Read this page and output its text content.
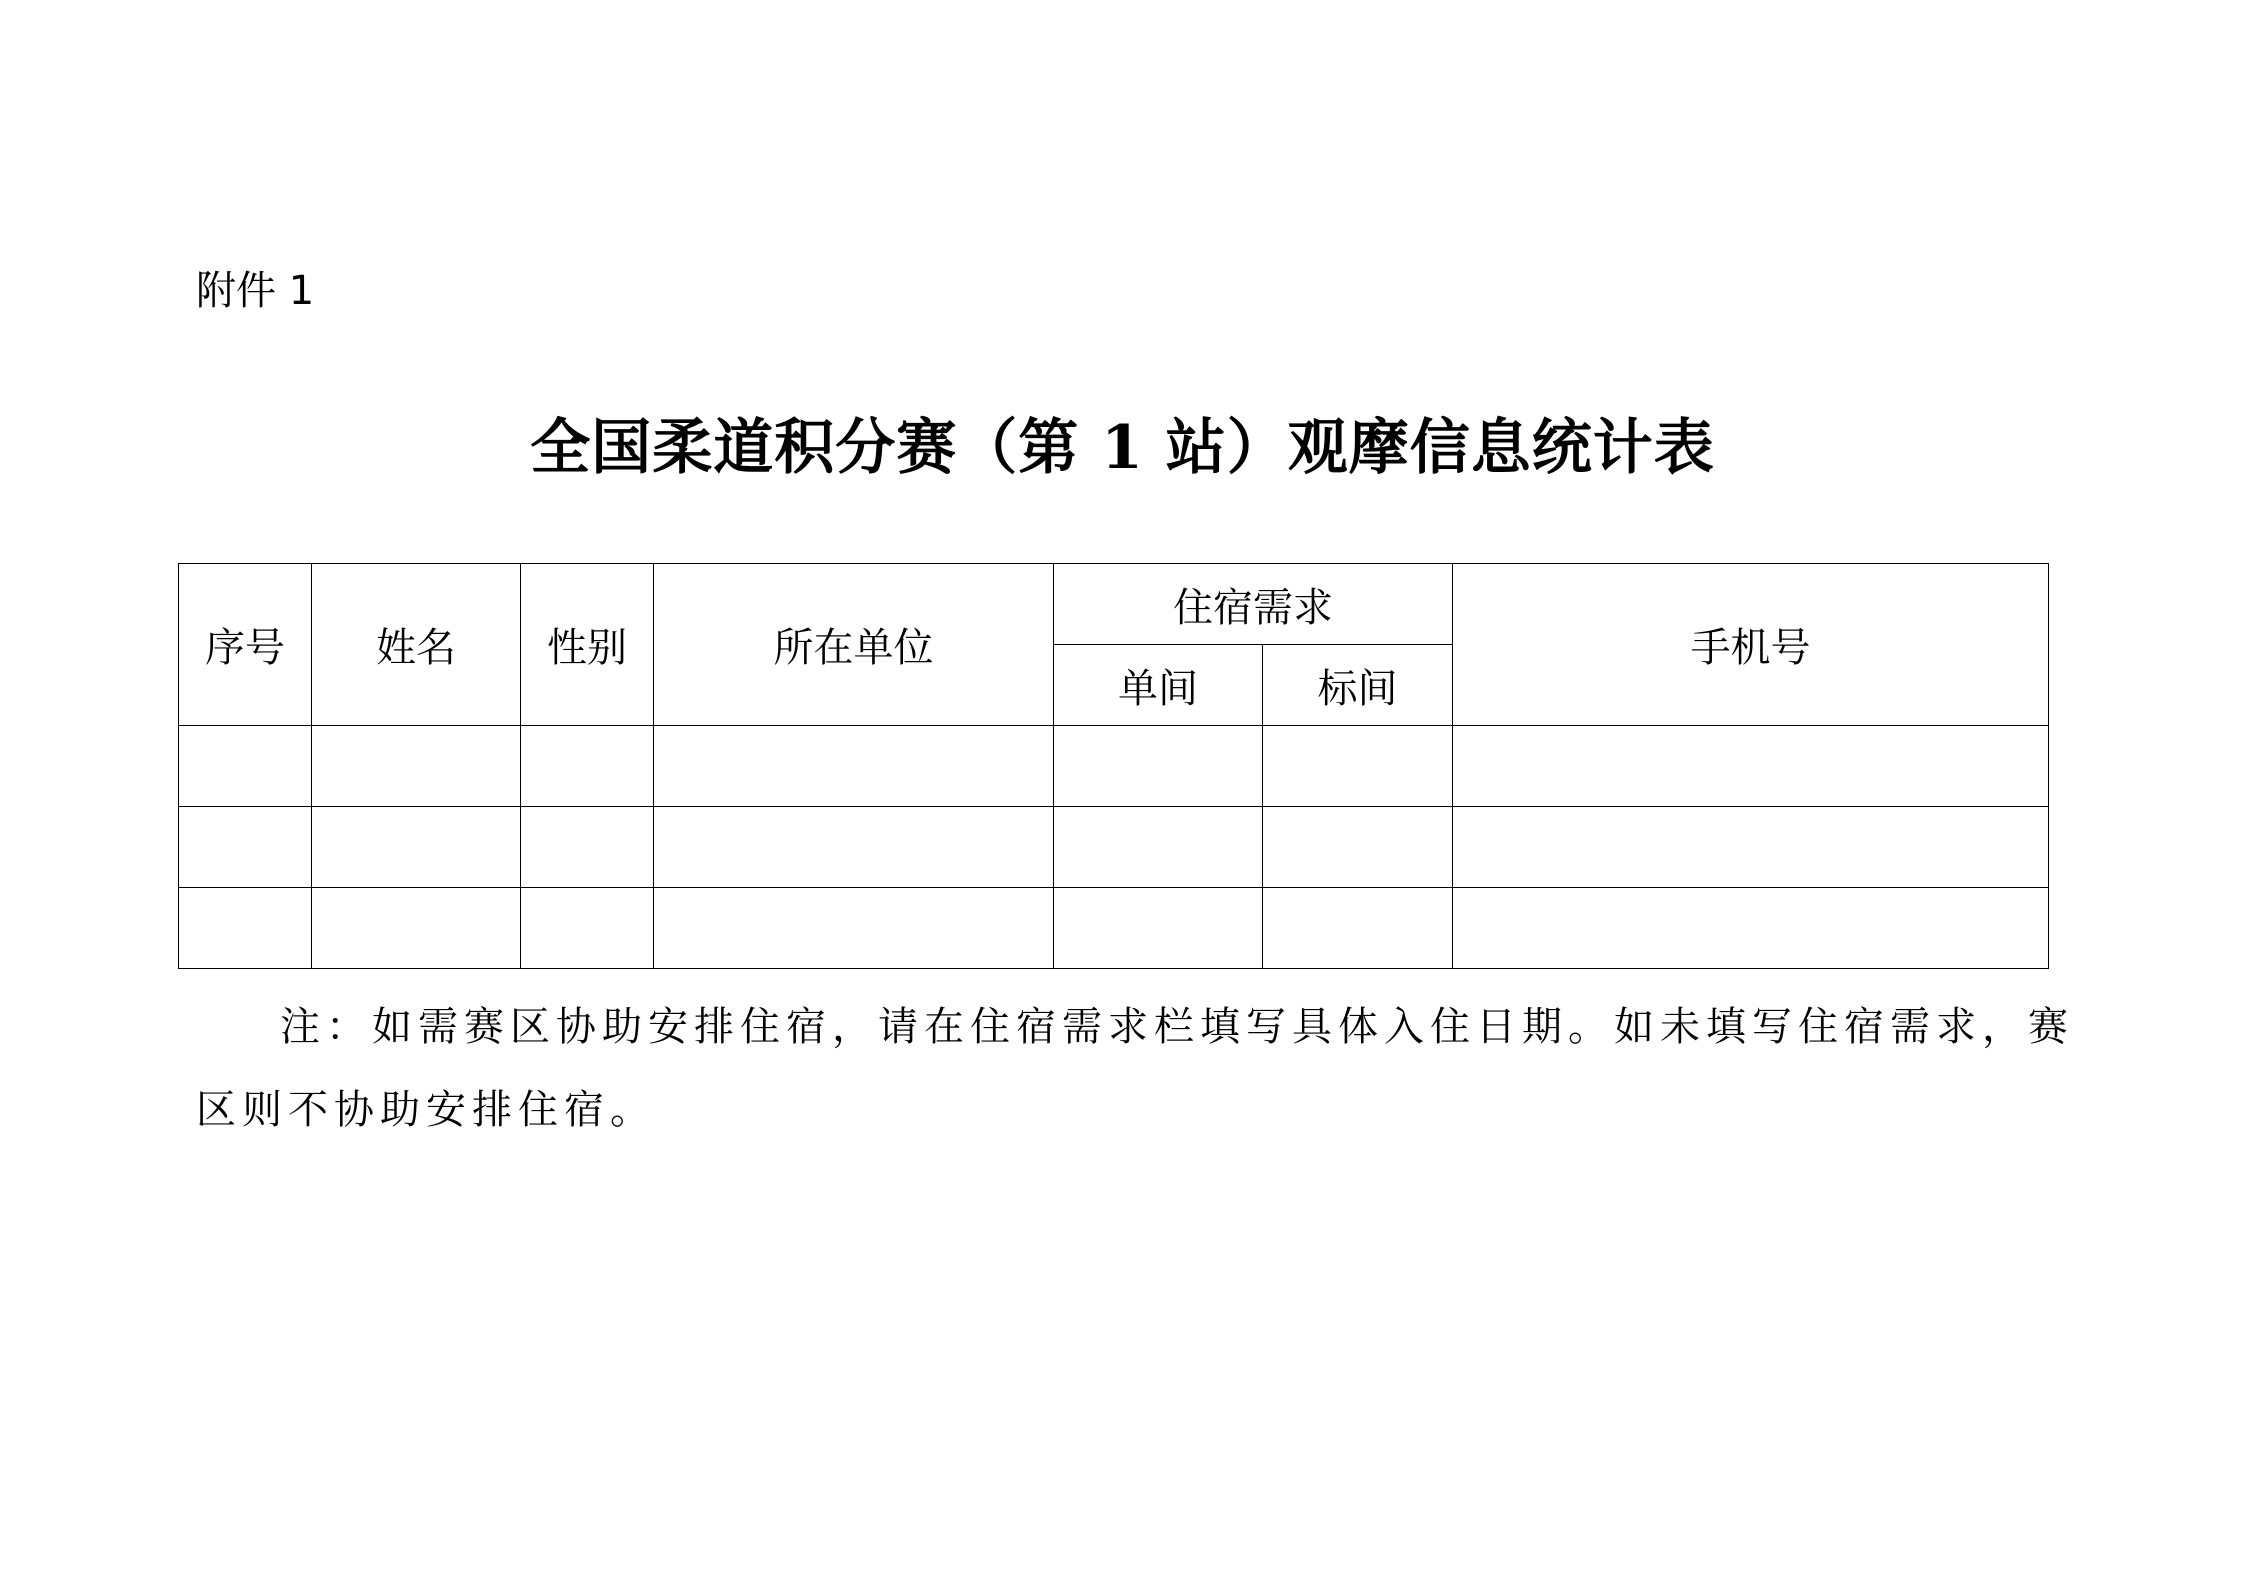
附件 1
全国柔道积分赛（第 1 站）观摩信息统计表
序号	姓名	性别	所在单位	住宿需求		手机号
				单间	标间	

注：如需赛区协助安排住宿，请在住宿需求栏填写具体入住日期。如未填写住宿需求，赛区则不协助安排住宿。
